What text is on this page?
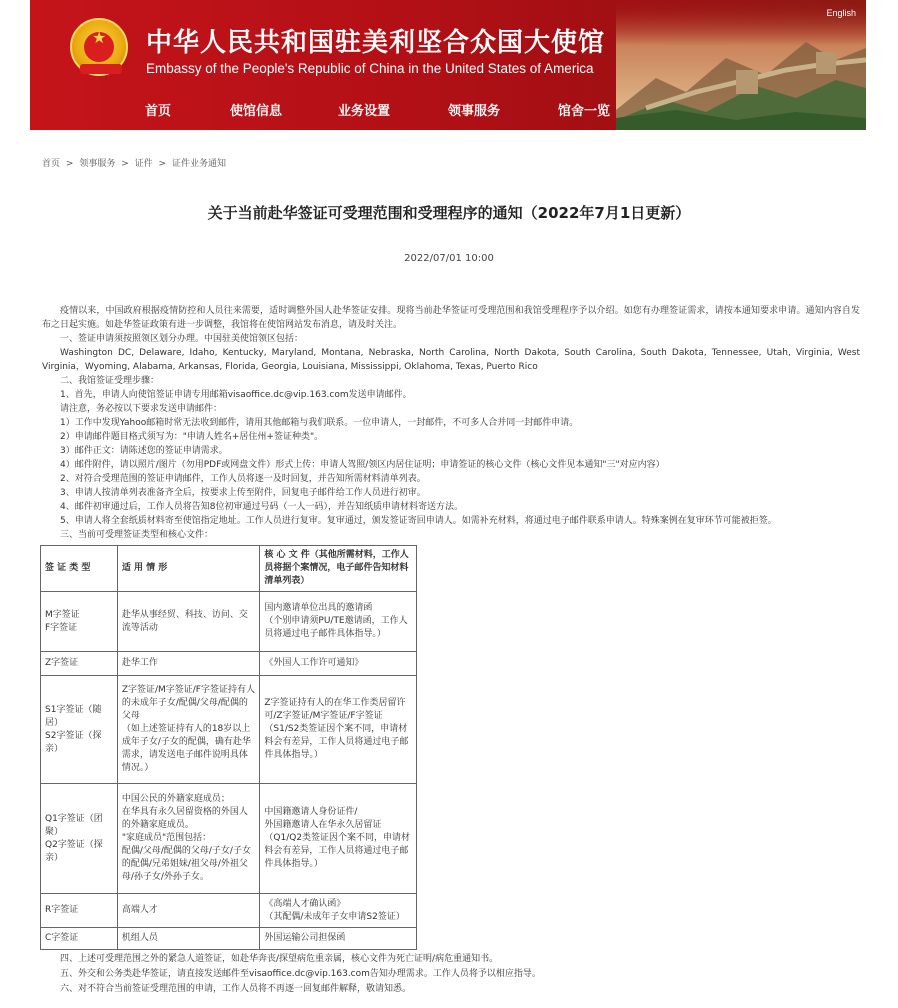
★ 中华人民共和国驻美利坚合众国大使馆
Embassy of the People's Republic of China in the United States of America
English
首页	使馆信息	业务设置	领事服务	馆舍一览
首页 > 领事服务 > 证件 > 证件业务通知
关于当前赴华签证可受理范围和受理程序的通知（2022年7月1日更新）
2022/07/01 10:00

疫情以来，中国政府根据疫情防控和人员往来需要，适时调整外国人赴华签证安排。现将当前赴华签证可受理范围和我馆受理程序予以介绍。如您有办理签证需求，请按本通知要求申请。通知内容自发布之日起实施。如赴华签证政策有进一步调整，我馆将在使馆网站发布消息，请及时关注。

一、签证申请须按照领区划分办理。中国驻美使馆领区包括：

Washington DC, Delaware, Idaho, Kentucky, Maryland, Montana, Nebraska, North Carolina, North Dakota, South Carolina, South Dakota, Tennessee, Utah, Virginia, West Virginia，Wyoming, Alabama, Arkansas, Florida, Georgia, Louisiana, Mississippi, Oklahoma, Texas, Puerto Rico

二、我馆签证受理步骤：

1、首先，申请人向使馆签证申请专用邮箱visaoffice.dc@vip.163.com发送申请邮件。

请注意，务必按以下要求发送申请邮件：

1）工作中发现Yahoo邮箱时常无法收到邮件，请用其他邮箱与我们联系。一位申请人，一封邮件，不可多人合并同一封邮件申请。

2）申请邮件题目格式须写为："申请人姓名+居住州+签证种类"。

3）邮件正文：请陈述您的签证申请需求。

4）邮件附件，请以照片/图片（勿用PDF或网盘文件）形式上传：申请人驾照/领区内居住证明；申请签证的核心文件（核心文件见本通知"三"对应内容）

2、对符合受理范围的签证申请邮件，工作人员将逐一及时回复，并告知所需材料清单列表。

3、申请人按清单列表准备齐全后，按要求上传至附件，回复电子邮件给工作人员进行初审。

4、邮件初审通过后，工作人员将告知8位初审通过号码（一人一码），并告知纸质申请材料寄送方法。

5、申请人将全套纸质材料寄至使馆指定地址。工作人员进行复审。复审通过，颁发签证寄回申请人。如需补充材料，将通过电子邮件联系申请人。特殊案例在复审环节可能被拒签。

三、当前可受理签证类型和核心文件：

签 证 类 型	适 用 情 形	核 心 文 件（其他所需材料，工作人员将据个案情况，电子邮件告知材料清单列表）
M字签证
F字签证	赴华从事经贸、科技、访问、交流等活动	国内邀请单位出具的邀请函
（个别申请须PU/TE邀请函，工作人员将通过电子邮件具体指导。）
Z字签证	赴华工作	《外国人工作许可通知》
S1字签证（随居）
S2字签证（探亲）	Z字签证/M字签证/F字签证持有人的未成年子女/配偶/父母/配偶的父母
（如上述签证持有人的18岁以上成年子女/子女的配偶，确有赴华需求，请发送电子邮件说明具体情况。）	Z字签证持有人的在华工作类居留许可/Z字签证/M字签证/F字签证
（S1/S2类签证因个案不同，申请材料会有差异，工作人员将通过电子邮件具体指导。）
Q1字签证（团聚）
Q2字签证（探亲）	中国公民的外籍家庭成员；
在华具有永久居留资格的外国人的外籍家庭成员。
"家庭成员"范围包括：
配偶/父母/配偶的父母/子女/子女的配偶/兄弟姐妹/祖父母/外祖父母/孙子女/外孙子女。	中国籍邀请人身份证件/
外国籍邀请人在华永久居留证
（Q1/Q2类签证因个案不同，申请材料会有差异，工作人员将通过电子邮件具体指导。）
R字签证	高端人才	《高端人才确认函》
（其配偶/未成年子女申请S2签证）
C字签证	机组人员	外国运输公司担保函

四、上述可受理范围之外的紧急人道签证，如赴华奔丧/探望病危重亲属，核心文件为死亡证明/病危重通知书。

五、外交和公务类赴华签证，请直接发送邮件至visaoffice.dc@vip.163.com告知办理需求。工作人员将予以相应指导。

六、对不符合当前签证受理范围的申请，工作人员将不再逐一回复邮件解释，敬请知悉。
